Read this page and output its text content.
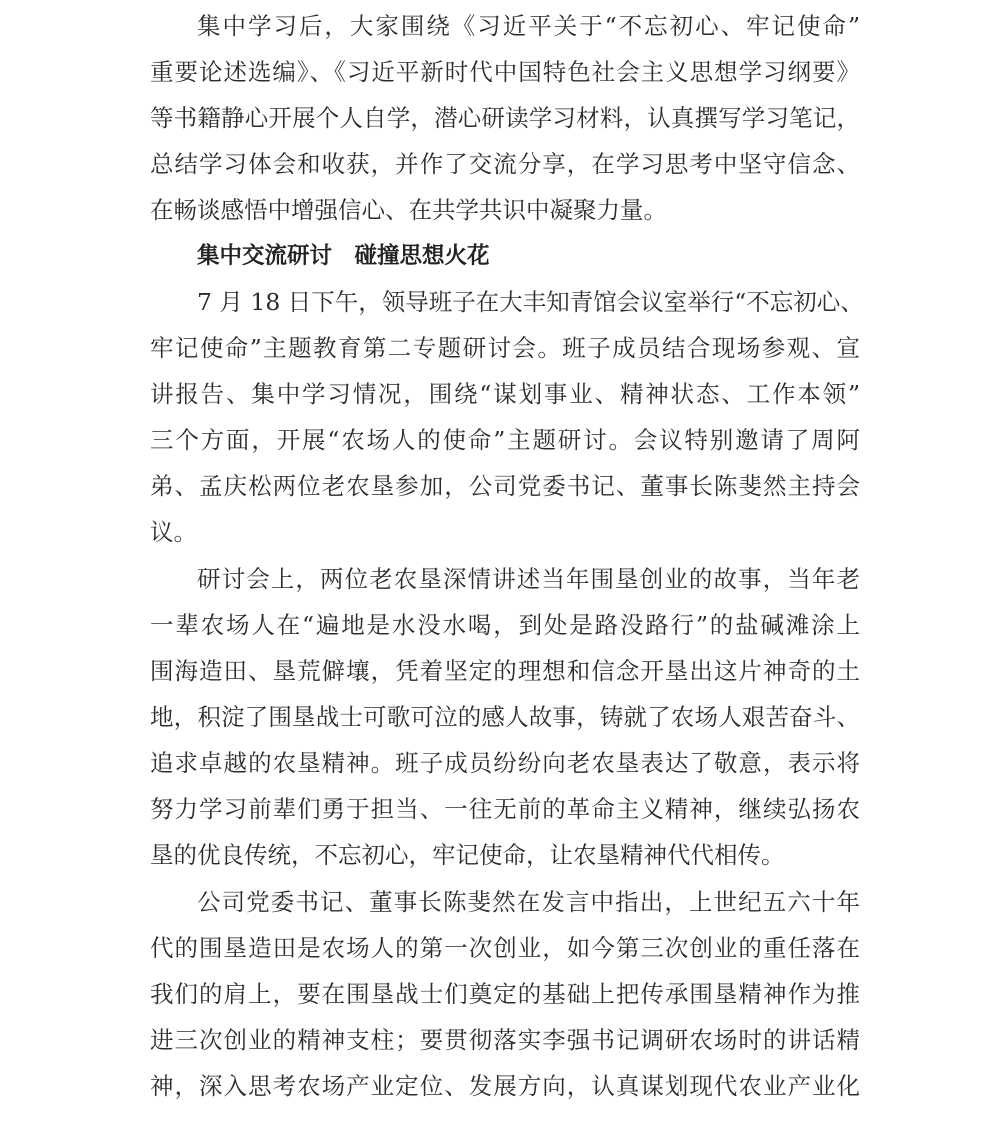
集中学习后，大家围绕《习近平关于“不忘初心、牢记使命”
重要论述选编》、《习近平新时代中国特色社会主义思想学习纲要》
等书籍静心开展个人自学，潜心研读学习材料，认真撰写学习笔记，
总结学习体会和收获，并作了交流分享，在学习思考中坚守信念、
在畅谈感悟中增强信心、在共学共识中凝聚力量。
集中交流研讨　碰撞思想火花
7 月 18 日下午，领导班子在大丰知青馆会议室举行“不忘初心、
牢记使命”主题教育第二专题研讨会。班子成员结合现场参观、宣
讲报告、集中学习情况，围绕“谋划事业、精神状态、工作本领”
三个方面，开展“农场人的使命”主题研讨。会议特别邀请了周阿
弟、孟庆松两位老农垦参加，公司党委书记、董事长陈斐然主持会
议。
研讨会上，两位老农垦深情讲述当年围垦创业的故事，当年老
一辈农场人在“遍地是水没水喝，到处是路没路行”的盐碱滩涂上
围海造田、垦荒僻壤，凭着坚定的理想和信念开垦出这片神奇的土
地，积淀了围垦战士可歌可泣的感人故事，铸就了农场人艰苦奋斗、
追求卓越的农垦精神。班子成员纷纷向老农垦表达了敬意，表示将
努力学习前辈们勇于担当、一往无前的革命主义精神，继续弘扬农
垦的优良传统，不忘初心，牢记使命，让农垦精神代代相传。
公司党委书记、董事长陈斐然在发言中指出，上世纪五六十年
代的围垦造田是农场人的第一次创业，如今第三次创业的重任落在
我们的肩上，要在围垦战士们奠定的基础上把传承围垦精神作为推
进三次创业的精神支柱；要贯彻落实李强书记调研农场时的讲话精
神，深入思考农场产业定位、发展方向，认真谋划现代农业产业化
